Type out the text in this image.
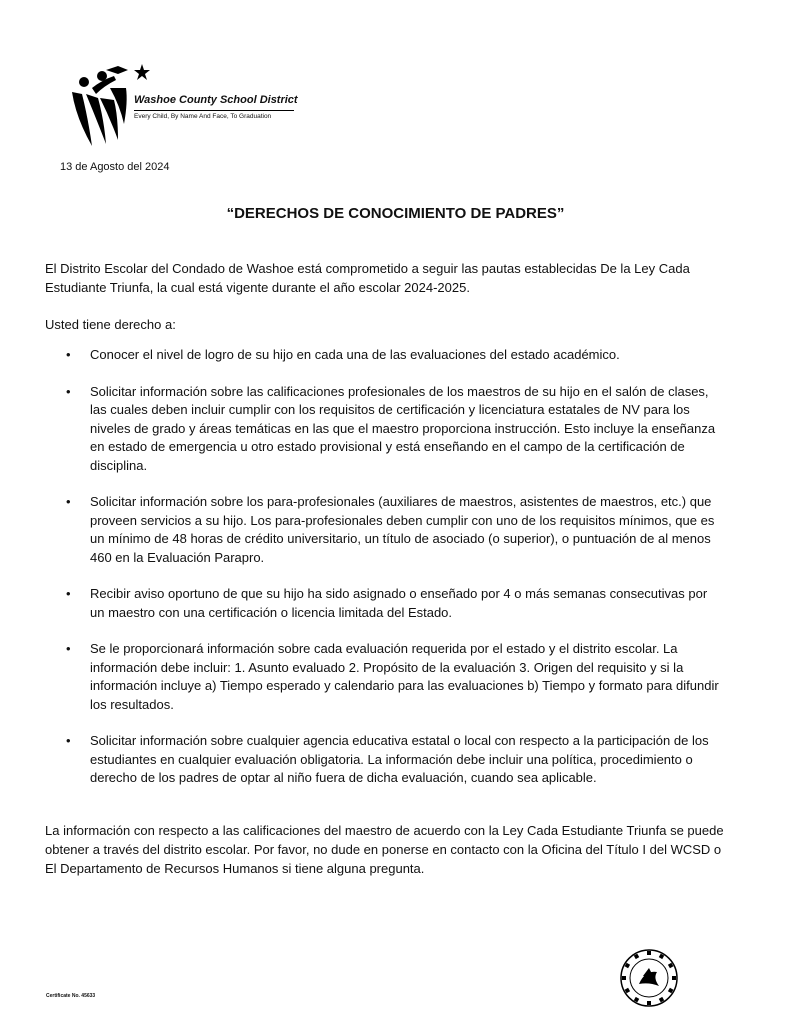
Washoe County School District
Every Child, By Name And Face, To Graduation
13 de Agosto del 2024
“DERECHOS DE CONOCIMIENTO DE PADRES”

El Distrito Escolar del Condado de Washoe está comprometido a seguir las pautas establecidas De la Ley Cada Estudiante Triunfa, la cual está vigente durante el año escolar 2024-2025.

Usted tiene derecho a:
• Conocer el nivel de logro de su hijo en cada una de las evaluaciones del estado académico.
• Solicitar información sobre las calificaciones profesionales de los maestros de su hijo en el salón de clases, las cuales deben incluir cumplir con los requisitos de certificación y licenciatura estatales de NV para los niveles de grado y áreas temáticas en las que el maestro proporciona instrucción. Esto incluye la enseñanza en estado de emergencia u otro estado provisional y está enseñando en el campo de la certificación de disciplina.
• Solicitar información sobre los para-profesionales (auxiliares de maestros, asistentes de maestros, etc.) que proveen servicios a su hijo. Los para-profesionales deben cumplir con uno de los requisitos mínimos, que es un mínimo de 48 horas de crédito universitario, un título de asociado (o superior), o puntuación de al menos 460 en la Evaluación Parapro.
• Recibir aviso oportuno de que su hijo ha sido asignado o enseñado por 4 o más semanas consecutivas por un maestro con una certificación o licencia limitada del Estado.
• Se le proporcionará información sobre cada evaluación requerida por el estado y el distrito escolar. La información debe incluir: 1. Asunto evaluado 2. Propósito de la evaluación 3. Origen del requisito y si la información incluye a) Tiempo esperado y calendario para las evaluaciones b) Tiempo y formato para difundir los resultados.
• Solicitar información sobre cualquier agencia educativa estatal o local con respecto a la participación de los estudiantes en cualquier evaluación obligatoria. La información debe incluir una política, procedimiento o derecho de los padres de optar al niño fuera de dicha evaluación, cuando sea aplicable.

La información con respecto a las calificaciones del maestro de acuerdo con la Ley Cada Estudiante Triunfa se puede obtener a través del distrito escolar. Por favor, no dude en ponerse en contacto con la Oficina del Título I del WCSD o El Departamento de Recursos Humanos si tiene alguna pregunta.

Certificate No. 45633
